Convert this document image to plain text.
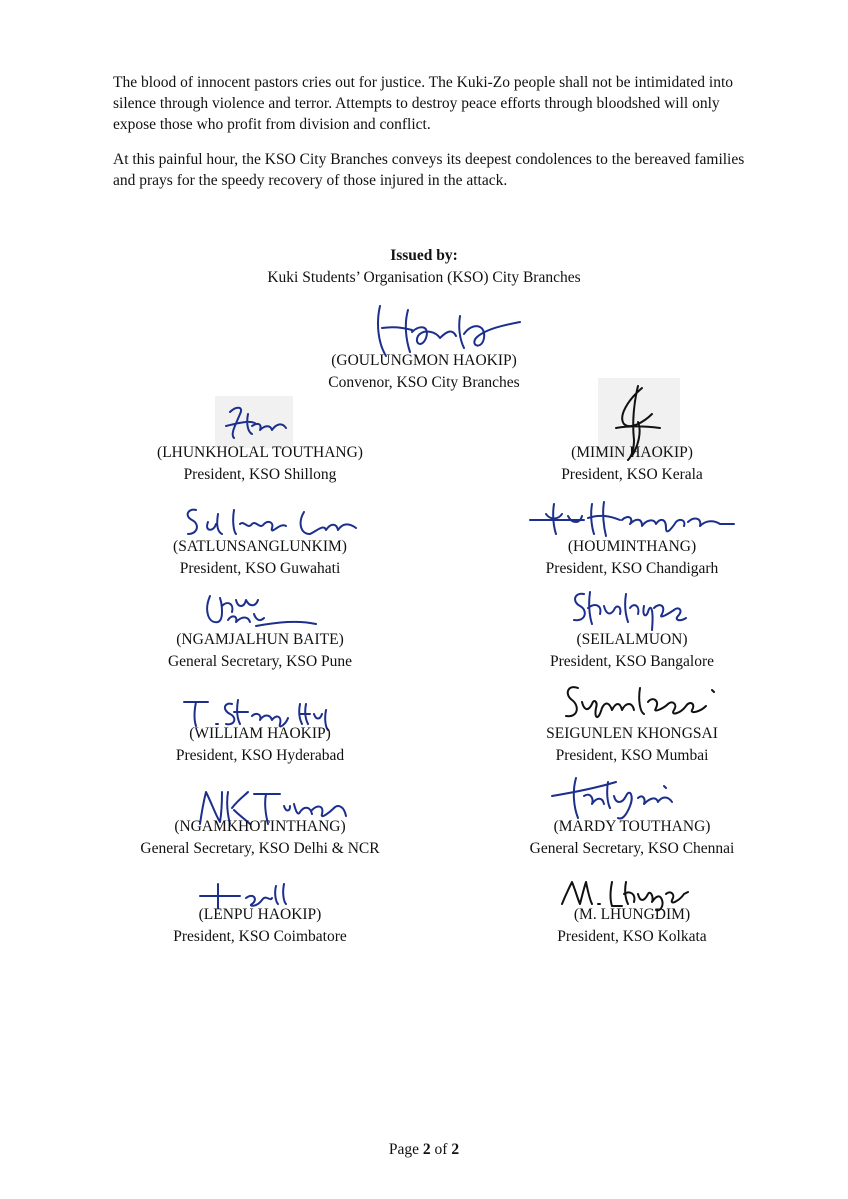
The blood of innocent pastors cries out for justice. The Kuki-Zo people shall not be intimidated into silence through violence and terror. Attempts to destroy peace efforts through bloodshed will only expose those who profit from division and conflict.

At this painful hour, the KSO City Branches conveys its deepest condolences to the bereaved families and prays for the speedy recovery of those injured in the attack.

Issued by:
Kuki Students’ Organisation (KSO) City Branches
(GOULUNGMON HAOKIP)
Convenor, KSO City Branches
(LHUNKHOLAL TOUTHANG)
President, KSO Shillong
(SATLUNSANGLUNKIM)
President, KSO Guwahati
(NGAMJALHUN BAITE)
General Secretary, KSO Pune
(WILLIAM HAOKIP)
President, KSO Hyderabad
(NGAMKHOTINTHANG)
General Secretary, KSO Delhi & NCR
(LENPU HAOKIP)
President, KSO Coimbatore
(MIMIN HAOKIP)
President, KSO Kerala
(HOUMINTHANG)
President, KSO Chandigarh
(SEILALMUON)
President, KSO Bangalore
SEIGUNLEN KHONGSAI
President, KSO Mumbai
(MARDY TOUTHANG)
General Secretary, KSO Chennai
(M. LHUNGDIM)
President, KSO Kolkata
Page 2 of 2
